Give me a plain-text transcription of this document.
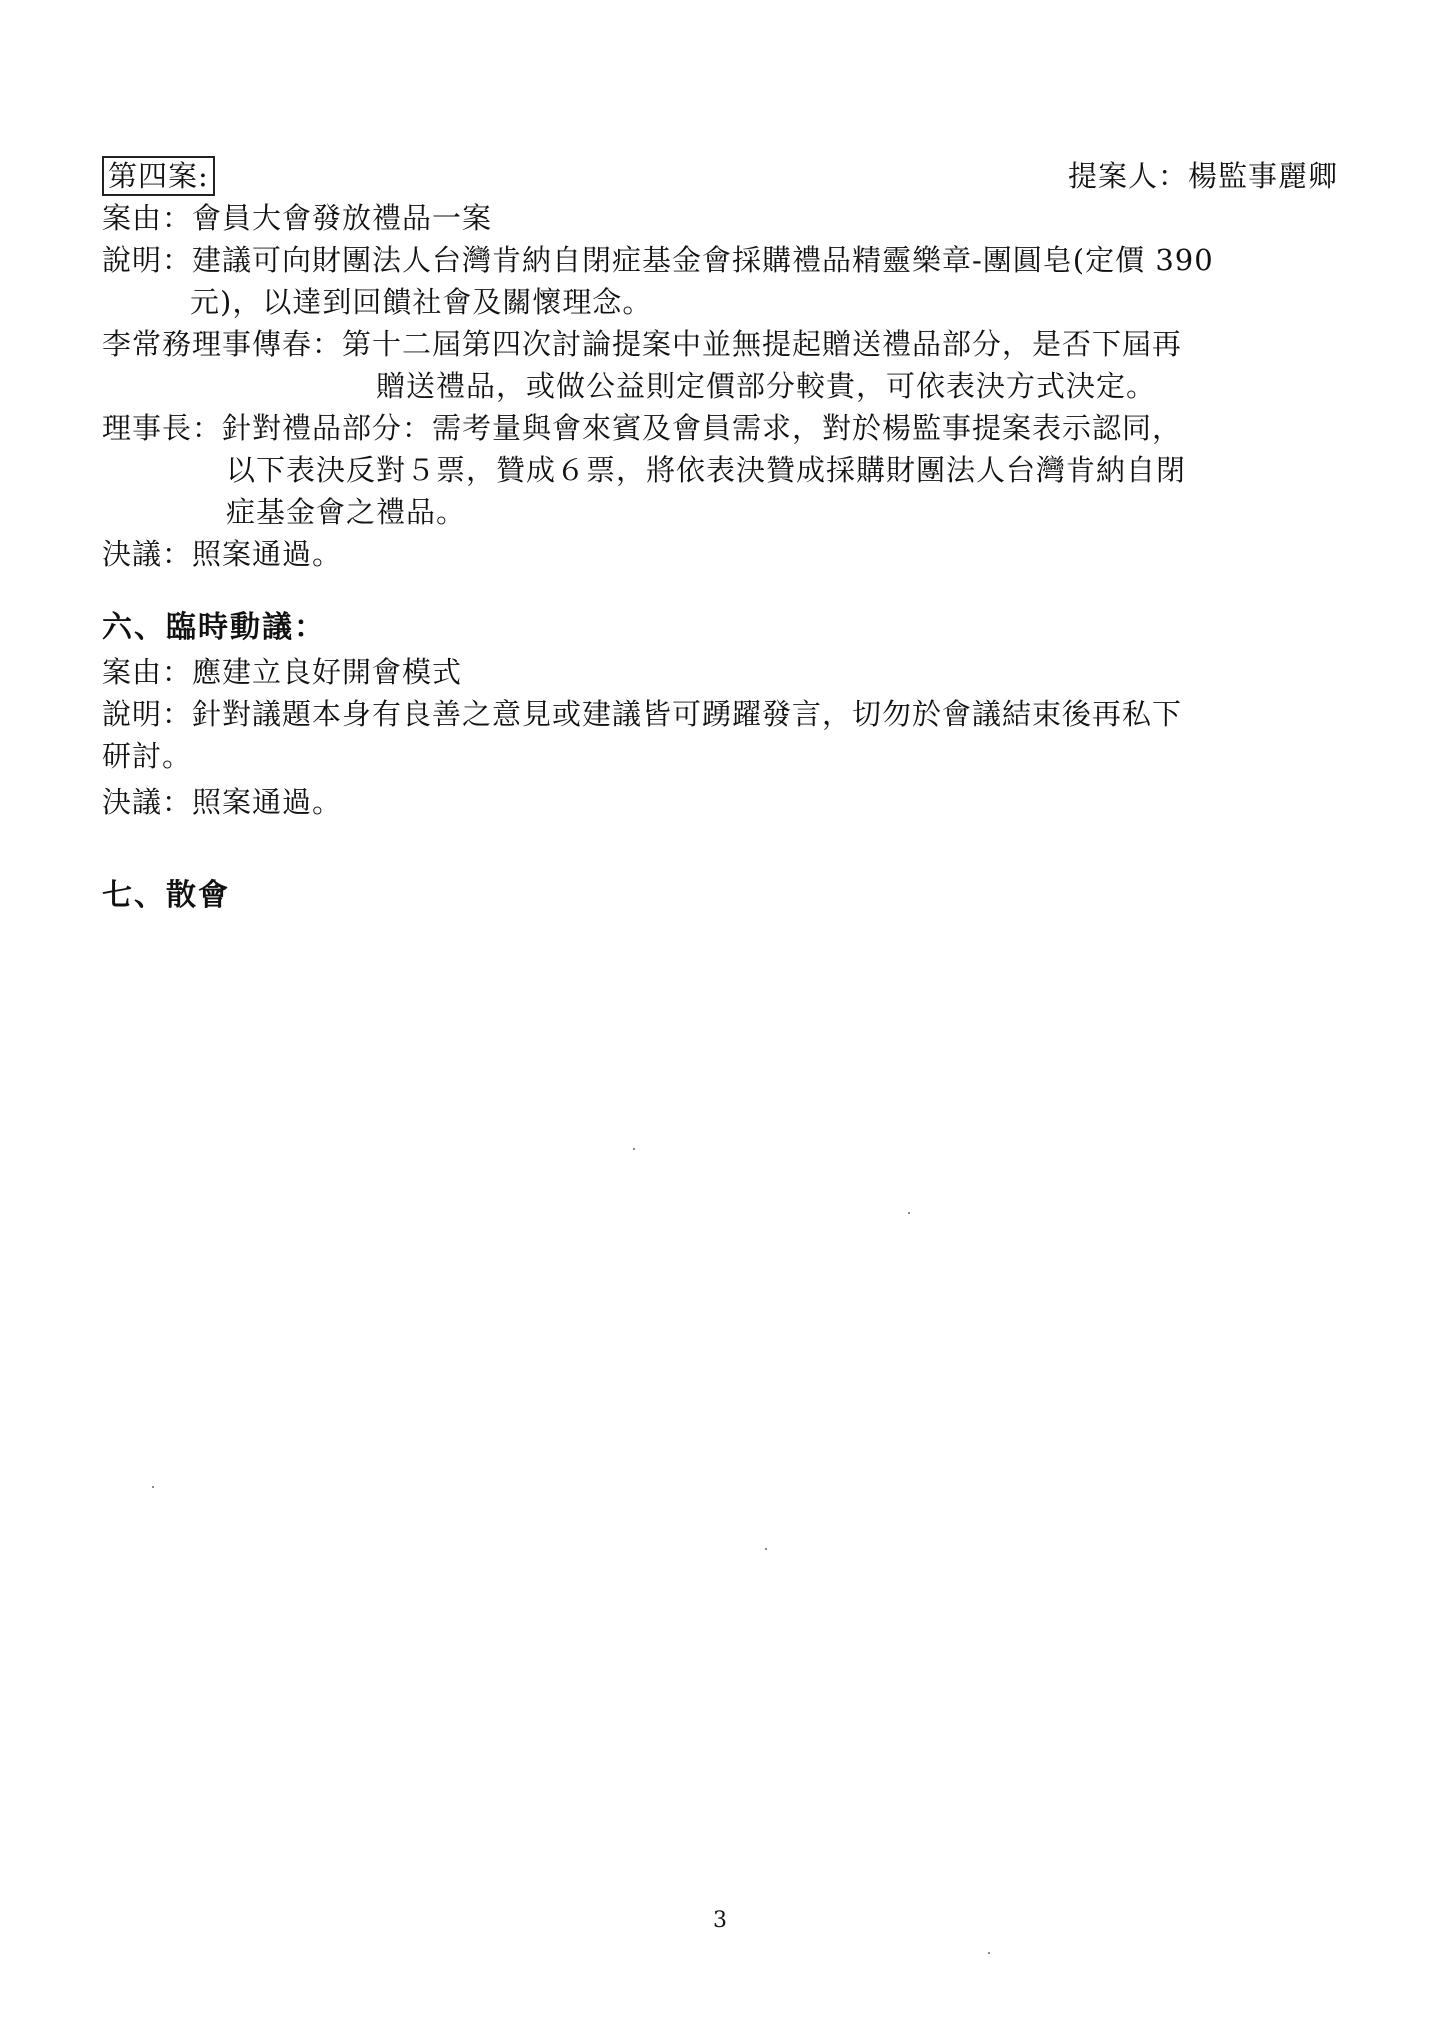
第四案:	提案人：楊監事麗卿
案由：會員大會發放禮品一案
說明：建議可向財團法人台灣肯納自閉症基金會採購禮品精靈樂章-團圓皂(定價 390
元)，以達到回饋社會及關懷理念。
李常務理事傳春：第十二屆第四次討論提案中並無提起贈送禮品部分，是否下屆再
贈送禮品，或做公益則定價部分較貴，可依表決方式決定。
理事長：針對禮品部分：需考量與會來賓及會員需求，對於楊監事提案表示認同，
以下表決反對５票，贊成６票，將依表決贊成採購財團法人台灣肯納自閉
症基金會之禮品。
決議：照案通過。
六、臨時動議：
案由：應建立良好開會模式
說明：針對議題本身有良善之意見或建議皆可踴躍發言，切勿於會議結束後再私下
研討。
決議：照案通過。
七、散會
3
